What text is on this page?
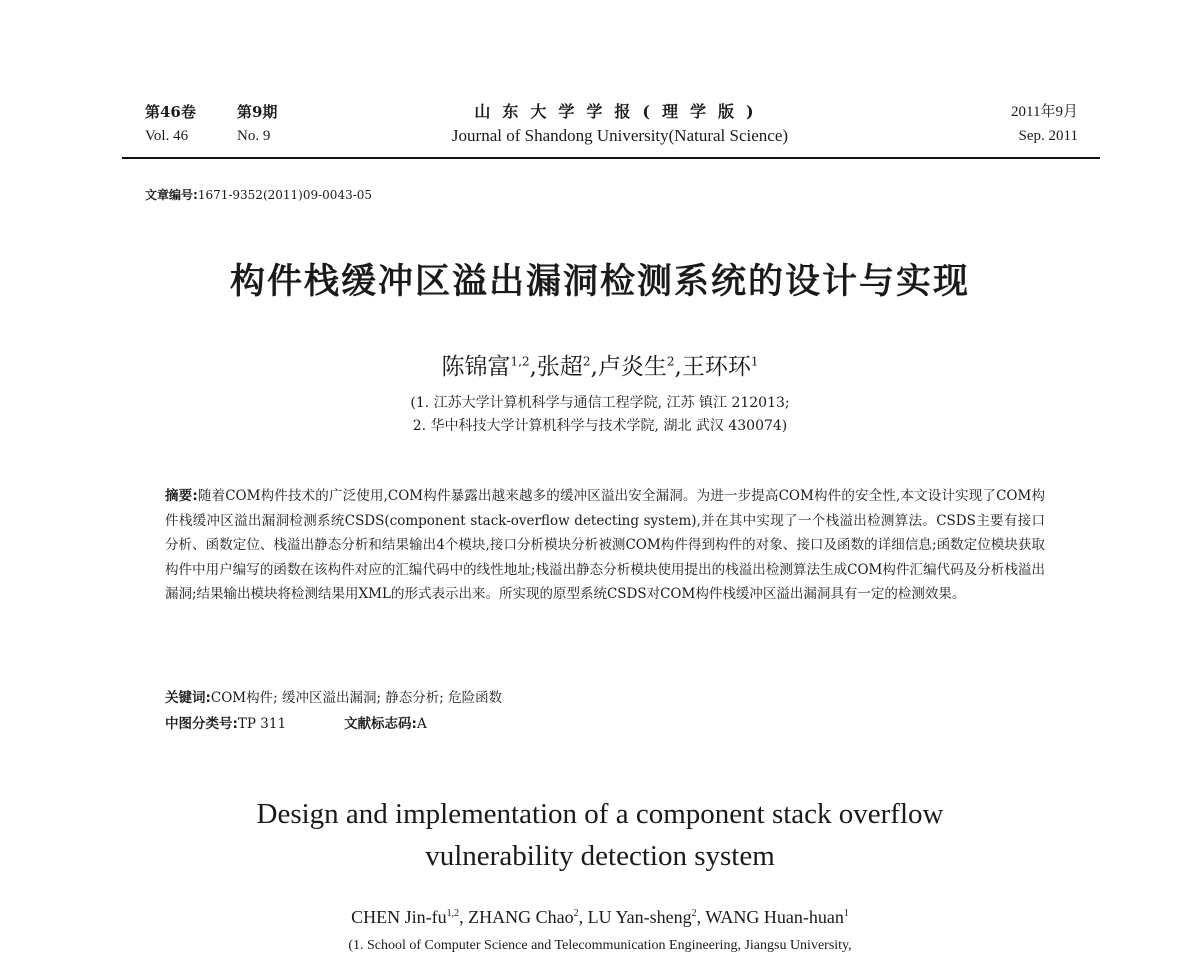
第46卷	第9期
Vol. 46	No. 9
山东大学学报(理学版)
Journal of Shandong University(Natural Science)
2011年9月
Sep. 2011
文章编号:1671-9352(2011)09-0043-05
构件栈缓冲区溢出漏洞检测系统的设计与实现
陈锦富$^{1,2}$,张超$^2$,卢炎生$^2$,王环环$^1$
(1. 江苏大学计算机科学与通信工程学院, 江苏 镇江 212013;
2. 华中科技大学计算机科学与技术学院, 湖北 武汉 430074)
摘要:随着COM构件技术的广泛使用,COM构件暴露出越来越多的缓冲区溢出安全漏洞。为进一步提高COM构件的安全性,本文设计实现了COM构件栈缓冲区溢出漏洞检测系统CSDS(component stack-overflow detecting system),并在其中实现了一个栈溢出检测算法。CSDS主要有接口分析、函数定位、栈溢出静态分析和结果输出4个模块,接口分析模块分析被测COM构件得到构件的对象、接口及函数的详细信息;函数定位模块获取构件中用户编写的函数在该构件对应的汇编代码中的线性地址;栈溢出静态分析模块使用提出的栈溢出检测算法生成COM构件汇编代码及分析栈溢出漏洞;结果输出模块将检测结果用XML的形式表示出来。所实现的原型系统CSDS对COM构件栈缓冲区溢出漏洞具有一定的检测效果。
关键词:COM构件; 缓冲区溢出漏洞; 静态分析; 危险函数
中图分类号:TP 311	文献标志码:A
Design and implementation of a component stack overflow
vulnerability detection system
CHEN Jin-fu$^{1,2}$, ZHANG Chao$^2$, LU Yan-sheng$^2$, WANG Huan-huan$^1$
(1. School of Computer Science and Telecommunication Engineering, Jiangsu University,
